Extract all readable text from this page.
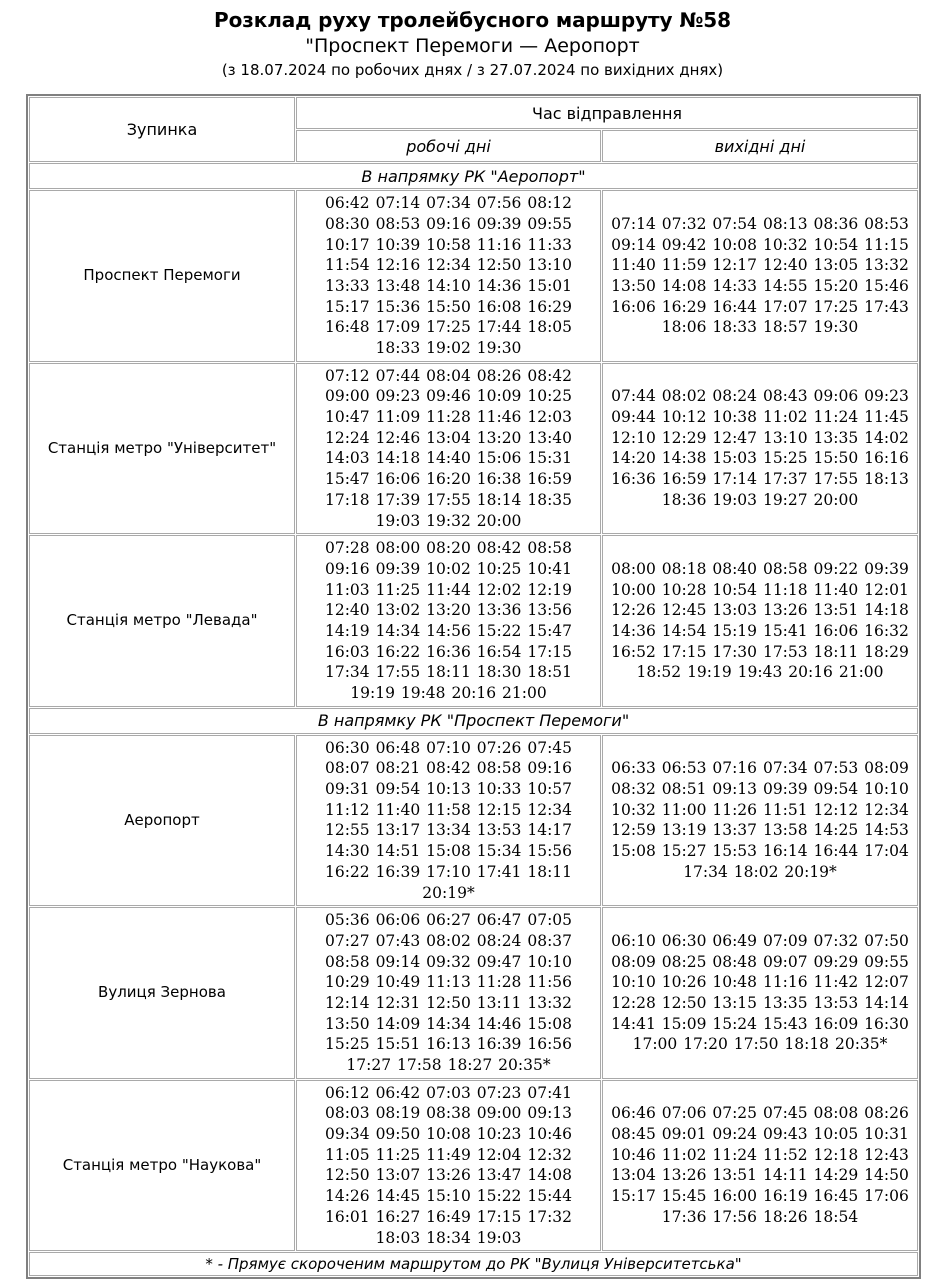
Розклад руху тролейбусного маршруту №58
"Проспект Перемоги — Аеропорт
(з 18.07.2024 по робочих днях / з 27.07.2024 по вихідних днях)
Зупинка	Час відправлення	
	робочі дні	вихідні дні
В напрямку РК "Аеропорт"		
Проспект Перемоги	06:42 07:14 07:34 07:56 08:12 08:30 08:53 09:16 09:39 09:55 10:17 10:39 10:58 11:16 11:33 11:54 12:16 12:34 12:50 13:10 13:33 13:48 14:10 14:36 15:01 15:17 15:36 15:50 16:08 16:29 16:48 17:09 17:25 17:44 18:05 18:33 19:02 19:30	07:14 07:32 07:54 08:13 08:36 08:53 09:14 09:42 10:08 10:32 10:54 11:15 11:40 11:59 12:17 12:40 13:05 13:32 13:50 14:08 14:33 14:55 15:20 15:46 16:06 16:29 16:44 17:07 17:25 17:43 18:06 18:33 18:57 19:30
Станція метро "Університет"	07:12 07:44 08:04 08:26 08:42 09:00 09:23 09:46 10:09 10:25 10:47 11:09 11:28 11:46 12:03 12:24 12:46 13:04 13:20 13:40 14:03 14:18 14:40 15:06 15:31 15:47 16:06 16:20 16:38 16:59 17:18 17:39 17:55 18:14 18:35 19:03 19:32 20:00	07:44 08:02 08:24 08:43 09:06 09:23 09:44 10:12 10:38 11:02 11:24 11:45 12:10 12:29 12:47 13:10 13:35 14:02 14:20 14:38 15:03 15:25 15:50 16:16 16:36 16:59 17:14 17:37 17:55 18:13 18:36 19:03 19:27 20:00
Станція метро "Левада"	07:28 08:00 08:20 08:42 08:58 09:16 09:39 10:02 10:25 10:41 11:03 11:25 11:44 12:02 12:19 12:40 13:02 13:20 13:36 13:56 14:19 14:34 14:56 15:22 15:47 16:03 16:22 16:36 16:54 17:15 17:34 17:55 18:11 18:30 18:51 19:19 19:48 20:16 21:00	08:00 08:18 08:40 08:58 09:22 09:39 10:00 10:28 10:54 11:18 11:40 12:01 12:26 12:45 13:03 13:26 13:51 14:18 14:36 14:54 15:19 15:41 16:06 16:32 16:52 17:15 17:30 17:53 18:11 18:29 18:52 19:19 19:43 20:16 21:00
В напрямку РК "Проспект Перемоги"		
Аеропорт	06:30 06:48 07:10 07:26 07:45 08:07 08:21 08:42 08:58 09:16 09:31 09:54 10:13 10:33 10:57 11:12 11:40 11:58 12:15 12:34 12:55 13:17 13:34 13:53 14:17 14:30 14:51 15:08 15:34 15:56 16:22 16:39 17:10 17:41 18:11 20:19*	06:33 06:53 07:16 07:34 07:53 08:09 08:32 08:51 09:13 09:39 09:54 10:10 10:32 11:00 11:26 11:51 12:12 12:34 12:59 13:19 13:37 13:58 14:25 14:53 15:08 15:27 15:53 16:14 16:44 17:04 17:34 18:02 20:19*
Вулиця Зернова	05:36 06:06 06:27 06:47 07:05 07:27 07:43 08:02 08:24 08:37 08:58 09:14 09:32 09:47 10:10 10:29 10:49 11:13 11:28 11:56 12:14 12:31 12:50 13:11 13:32 13:50 14:09 14:34 14:46 15:08 15:25 15:51 16:13 16:39 16:56 17:27 17:58 18:27 20:35*	06:10 06:30 06:49 07:09 07:32 07:50 08:09 08:25 08:48 09:07 09:29 09:55 10:10 10:26 10:48 11:16 11:42 12:07 12:28 12:50 13:15 13:35 13:53 14:14 14:41 15:09 15:24 15:43 16:09 16:30 17:00 17:20 17:50 18:18 20:35*
Станція метро "Наукова"	06:12 06:42 07:03 07:23 07:41 08:03 08:19 08:38 09:00 09:13 09:34 09:50 10:08 10:23 10:46 11:05 11:25 11:49 12:04 12:32 12:50 13:07 13:26 13:47 14:08 14:26 14:45 15:10 15:22 15:44 16:01 16:27 16:49 17:15 17:32 18:03 18:34 19:03	06:46 07:06 07:25 07:45 08:08 08:26 08:45 09:01 09:24 09:43 10:05 10:31 10:46 11:02 11:24 11:52 12:18 12:43 13:04 13:26 13:51 14:11 14:29 14:50 15:17 15:45 16:00 16:19 16:45 17:06 17:36 17:56 18:26 18:54
* - Прямує скороченим маршрутом до РК "Вулиця Університетська"		
